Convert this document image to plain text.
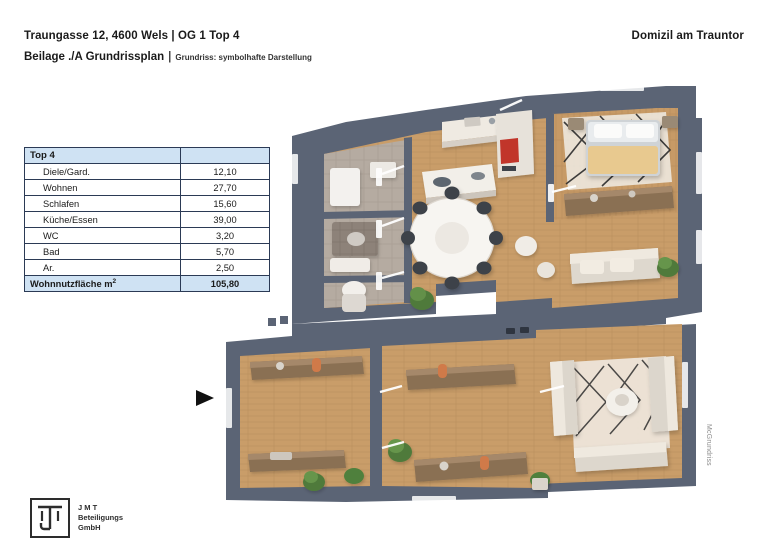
Traungasse 12, 4600 Wels | OG 1 Top 4	Domizil am Trauntor
Beilage ./A Grundrissplan | Grundriss: symbolhafte Darstellung
Top 4	
Diele/Gard.	12,10
Wohnen	27,70
Schlafen	15,60
Küche/Essen	39,00
WC	3,20
Bad	5,70
Ar.	2,50
Wohnnutzfläche $m^2$	105,80
McGrundriss
J M T
Beteiligungs
GmbH
